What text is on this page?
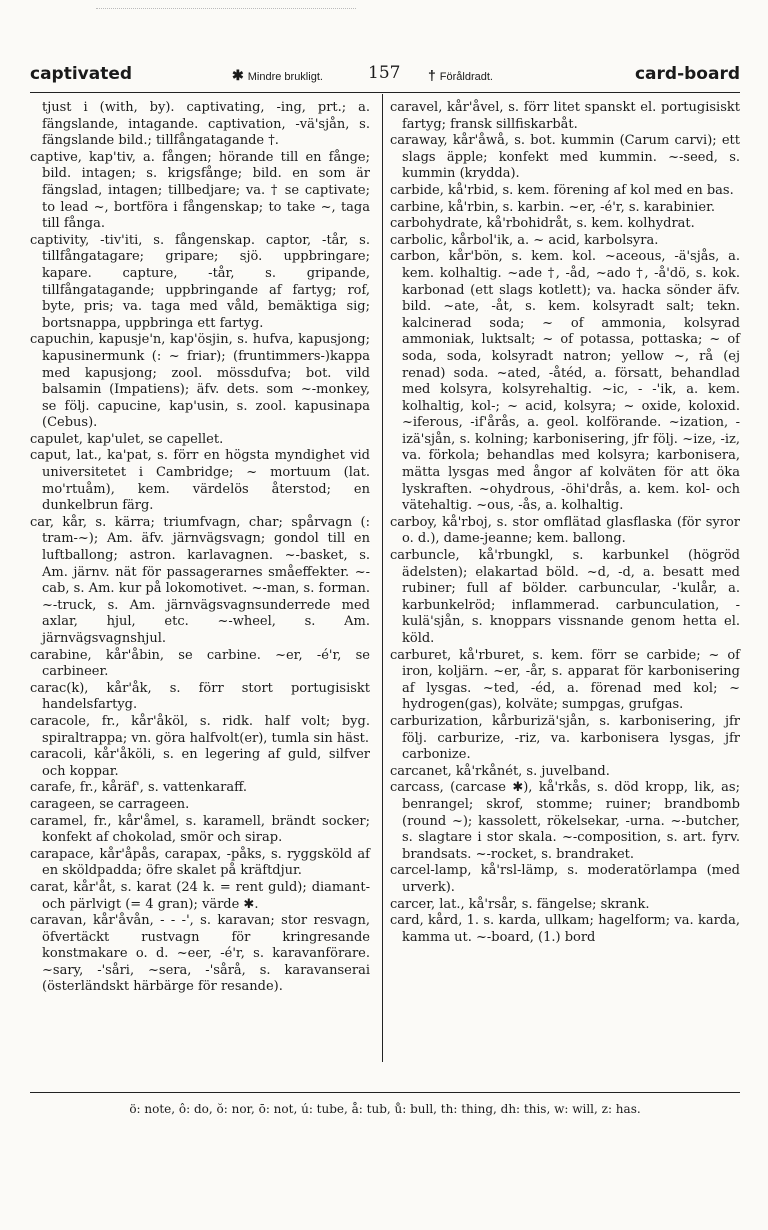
captivated	✱ Mindre brukligt.	157 † Föråldradt.	card-board
tjust i (with, by). captivating, -ing, prt.; a. fängslande, intagande. captivation, -vä'sjån, s. fängslande bild.; tillfångatagande †.
captive, kap'tiv, a. fången; hörande till en fånge; bild. intagen; s. krigsfånge; bild. en som är fängslad, intagen; tillbedjare; va. † se captivate; to lead ~, bortföra i fångenskap; to take ~, taga till fånga.
captivity, -tiv'iti, s. fångenskap. captor, -tår, s. tillfångatagare; gripare; sjö. uppbringare; kapare. capture, -tår, s. gripande, tillfångatagande; uppbringande af fartyg; rof, byte, pris; va. taga med våld, bemäktiga sig; bortsnappa, uppbringa ett fartyg.
capuchin, kapusje'n, kap'ösjin, s. hufva, kapusjong; kapusinermunk (: ~ friar); (fruntimmers-)kappa med kapusjong; zool. mössdufva; bot. vild balsamin (Impatiens); äfv. dets. som ~-monkey, se följ. capucine, kap'usin, s. zool. kapusinapa (Cebus).
capulet, kap'ulet, se capellet.
caput, lat., ka'pat, s. förr en högsta myndighet vid universitetet i Cambridge; ~ mortuum (lat. mo'rtuåm), kem. värdelös återstod; en dunkelbrun färg.
car, kår, s. kärra; triumfvagn, char; spårvagn (: tram-~); Am. äfv. järnvägsvagn; gondol till en luftballong; astron. karlavagnen. ~-basket, s. Am. järnv. nät för passagerarnes småeffekter. ~-cab, s. Am. kur på lokomotivet. ~-man, s. forman. ~-truck, s. Am. järnvägsvagnsunderrede med axlar, hjul, etc. ~-wheel, s. Am. järnvägsvagnshjul.
carabine, kår'åbin, se carbine. ~er, -é'r, se carbineer.
carac(k), kår'åk, s. förr stort portugisiskt handelsfartyg.
caracole, fr., kår'åköl, s. ridk. half volt; byg. spiraltrappa; vn. göra halfvolt(er), tumla sin häst.
caracoli, kår'åköli, s. en legering af guld, silfver och koppar.
carafe, fr., kåräf', s. vattenkaraff.
carageen, se carrageen.
caramel, fr., kår'åmel, s. karamell, brändt socker; konfekt af chokolad, smör och sirap.
carapace, kår'åpås, carapax, -påks, s. ryggsköld af en sköldpadda; öfre skalet på kräftdjur.
carat, kår'åt, s. karat (24 k. = rent guld); diamant- och pärlvigt (= 4 gran); värde ✱.
caravan, kår'åvån, - - -', s. karavan; stor resvagn, öfvertäckt rustvagn för kringresande konstmakare o. d. ~eer, -é'r, s. karavanförare. ~sary, -'såri, ~sera, -'sårå, s. karavanserai (österländskt härbärge för resande).
caravel, kår'åvel, s. förr litet spanskt el. portugisiskt fartyg; fransk sillfiskarbåt.
caraway, kår'åwå, s. bot. kummin (Carum carvi); ett slags äpple; konfekt med kummin. ~-seed, s. kummin (krydda).
carbide, kå'rbid, s. kem. förening af kol med en bas.
carbine, kå'rbin, s. karbin. ~er, -é'r, s. karabinier.
carbohydrate, kå'rbohidråt, s. kem. kolhydrat.
carbolic, kårbol'ik, a. ~ acid, karbolsyra.
carbon, kår'bön, s. kem. kol. ~aceous, -ä'sjås, a. kem. kolhaltig. ~ade †, -åd, ~ado †, -å'dö, s. kok. karbonad (ett slags kotlett); va. hacka sönder äfv. bild. ~ate, -åt, s. kem. kolsyradt salt; tekn. kalcinerad soda; ~ of ammonia, kolsyrad ammoniak, luktsalt; ~ of potassa, pottaska; ~ of soda, soda, kolsyradt natron; yellow ~, rå (ej renad) soda. ~ated, -åtéd, a. försatt, behandlad med kolsyra, kolsyrehaltig. ~ic, - -'ik, a. kem. kolhaltig, kol-; ~ acid, kolsyra; ~ oxide, koloxid. ~iferous, -if'årås, a. geol. kolförande. ~ization, -izä'sjån, s. kolning; karbonisering, jfr följ. ~ize, -iz, va. förkola; behandlas med kolsyra; karbonisera, mätta lysgas med ångor af kolväten för att öka lyskraften. ~ohydrous, -öhi'drås, a. kem. kol- och vätehaltig. ~ous, -ås, a. kolhaltig.
carboy, kå'rboj, s. stor omflätad glasflaska (för syror o. d.), dame-jeanne; kem. ballong.
carbuncle, kå'rbungkl, s. karbunkel (högröd ädelsten); elakartad böld. ~d, -d, a. besatt med rubiner; full af bölder. carbuncular, -'kulår, a. karbunkelröd; inflammerad. carbunculation, -kulä'sjån, s. knoppars vissnande genom hetta el. köld.
carburet, kå'rburet, s. kem. förr se carbide; ~ of iron, koljärn. ~er, -år, s. apparat för karbonisering af lysgas. ~ted, -éd, a. förenad med kol; ~ hydrogen(gas), kolväte; sumpgas, grufgas.
carburization, kårburizä'sjån, s. karbonisering, jfr följ. carburize, -riz, va. karbonisera lysgas, jfr carbonize.
carcanet, kå'rkånét, s. juvelband.
carcass, (carcase ✱), kå'rkås, s. död kropp, lik, as; benrangel; skrof, stomme; ruiner; brandbomb (round ~); kassolett, rökelsekar, -urna. ~-butcher, s. slagtare i stor skala. ~-composition, s. art. fyrv. brandsats. ~-rocket, s. brandraket.
carcel-lamp, kå'rsl-lämp, s. moderatörlampa (med urverk).
carcer, lat., kå'rsår, s. fängelse; skrank.
card, kård, 1. s. karda, ullkam; hagelform; va. karda, kamma ut. ~-board, (1.) bord
ö: note, ô: do, ŏ: nor, ō: not, ú: tube, å: tub, ů: bull, th: thing, dh: this, w: will, z: has.
